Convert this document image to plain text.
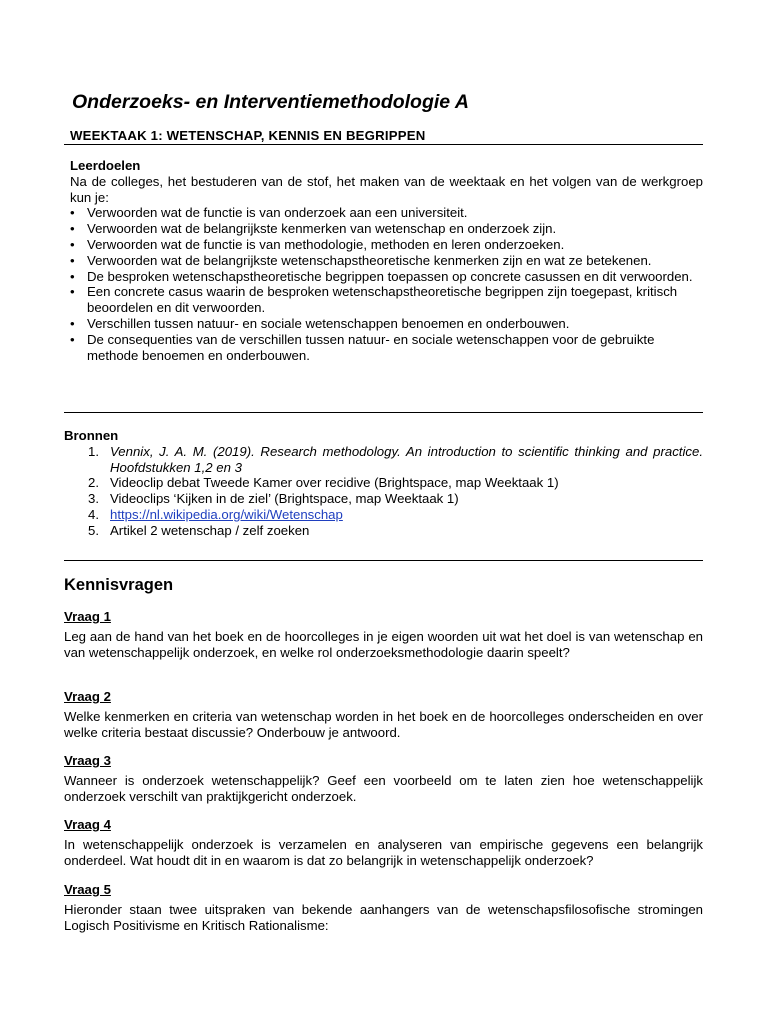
Onderzoeks- en Interventiemethodologie A
WEEKTAAK 1: WETENSCHAP, KENNIS EN BEGRIPPEN

Leerdoelen

Na de colleges, het bestuderen van de stof, het maken van de weektaak en het volgen van de werkgroep kun je:

• Verwoorden wat de functie is van onderzoek aan een universiteit.
• Verwoorden wat de belangrijkste kenmerken van wetenschap en onderzoek zijn.
• Verwoorden wat de functie is van methodologie, methoden en leren onderzoeken.
• Verwoorden wat de belangrijkste wetenschapstheoretische kenmerken zijn en wat ze betekenen.
• De besproken wetenschapstheoretische begrippen toepassen op concrete casussen en dit verwoorden.
• Een concrete casus waarin de besproken wetenschapstheoretische begrippen zijn toegepast, kritisch beoordelen en dit verwoorden.
• Verschillen tussen natuur- en sociale wetenschappen benoemen en onderbouwen.
• De consequenties van de verschillen tussen natuur- en sociale wetenschappen voor de gebruikte methode benoemen en onderbouwen.

Bronnen

1. Vennix, J. A. M. (2019). Research methodology. An introduction to scientific thinking and practice. Hoofdstukken 1,2 en 3
2. Videoclip debat Tweede Kamer over recidive (Brightspace, map Weektaak 1)
3. Videoclips ‘Kijken in de ziel’ (Brightspace, map Weektaak 1)
4. https://nl.wikipedia.org/wiki/Wetenschap
5. Artikel 2 wetenschap / zelf zoeken
Kennisvragen

Vraag 1

Leg aan de hand van het boek en de hoorcolleges in je eigen woorden uit wat het doel is van wetenschap en van wetenschappelijk onderzoek, en welke rol onderzoeksmethodologie daarin speelt?

Vraag 2

Welke kenmerken en criteria van wetenschap worden in het boek en de hoorcolleges onderscheiden en over welke criteria bestaat discussie? Onderbouw je antwoord.

Vraag 3

Wanneer is onderzoek wetenschappelijk? Geef een voorbeeld om te laten zien hoe wetenschappelijk onderzoek verschilt van praktijkgericht onderzoek.

Vraag 4

In wetenschappelijk onderzoek is verzamelen en analyseren van empirische gegevens een belangrijk onderdeel. Wat houdt dit in en waarom is dat zo belangrijk in wetenschappelijk onderzoek?

Vraag 5

Hieronder staan twee uitspraken van bekende aanhangers van de wetenschapsfilosofische stromingen Logisch Positivisme en Kritisch Rationalisme:
